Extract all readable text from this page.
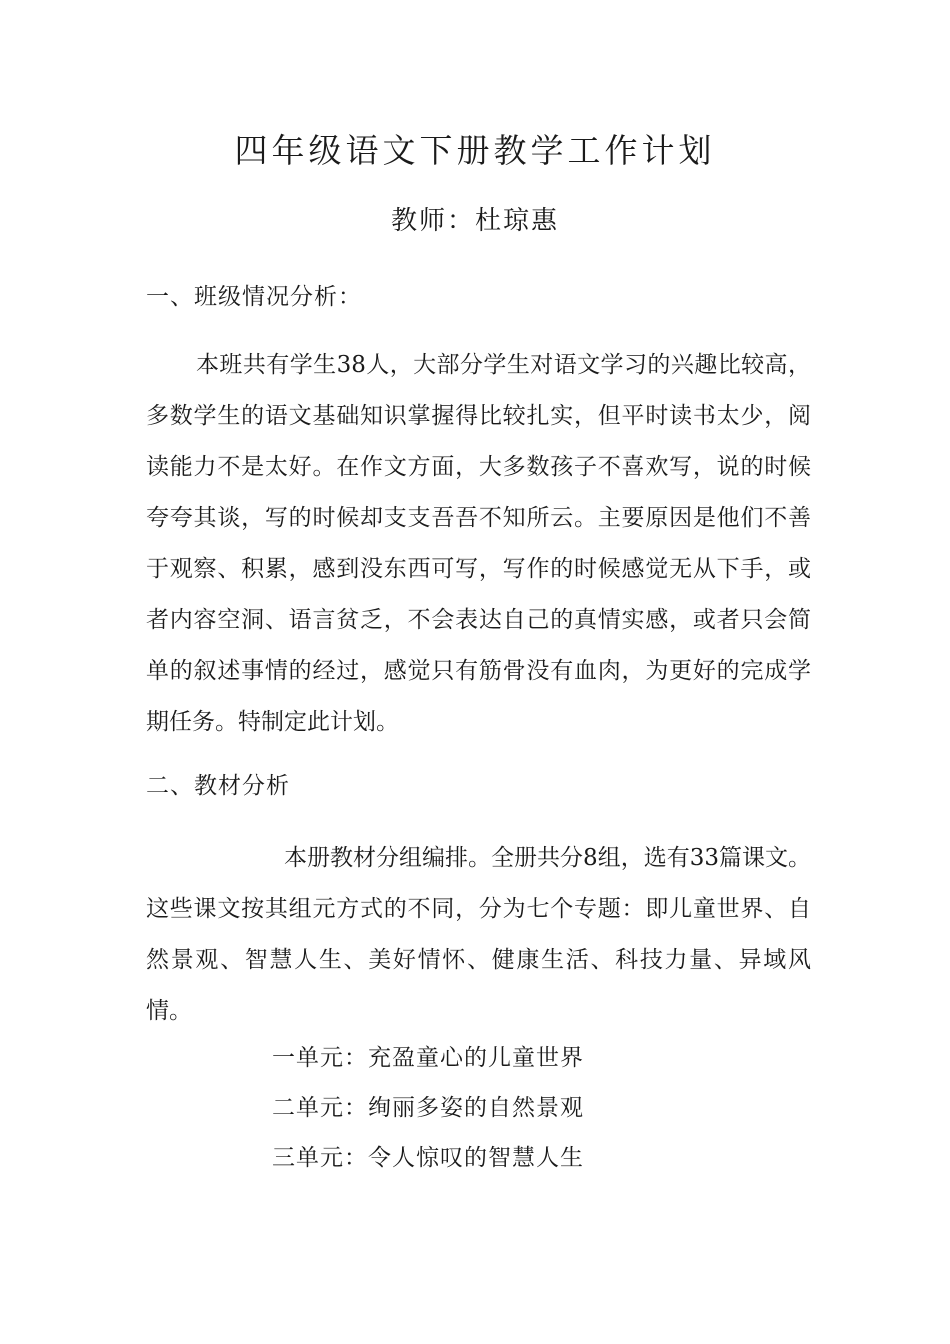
四年级语文下册教学工作计划
教师：杜琼惠
一、班级情况分析：

本班共有学生38人，大部分学生对语文学习的兴趣比较高，多数学生的语文基础知识掌握得比较扎实，但平时读书太少，阅读能力不是太好。在作文方面，大多数孩子不喜欢写，说的时候夸夸其谈，写的时候却支支吾吾不知所云。主要原因是他们不善于观察、积累，感到没东西可写，写作的时候感觉无从下手，或者内容空洞、语言贫乏，不会表达自己的真情实感，或者只会简单的叙述事情的经过，感觉只有筋骨没有血肉，为更好的完成学期任务。特制定此计划。

二、教材分析

本册教材分组编排。全册共分8组，选有33篇课文。这些课文按其组元方式的不同，分为七个专题：即儿童世界、自然景观、智慧人生、美好情怀、健康生活、科技力量、异域风情。

一单元：充盈童心的儿童世界
二单元：绚丽多姿的自然景观
三单元：令人惊叹的智慧人生
